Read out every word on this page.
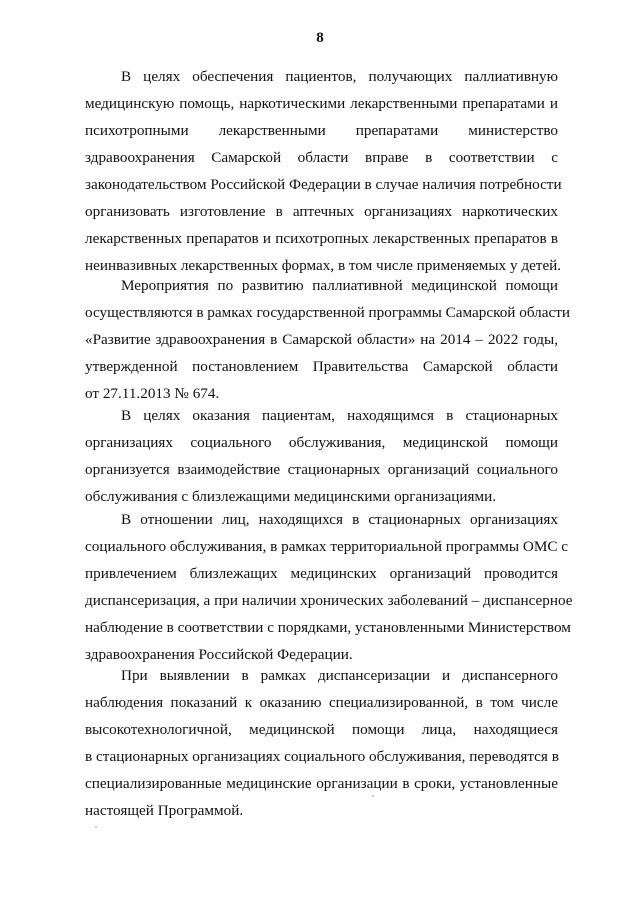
8
В целях обеспечения пациентов, получающих паллиативную
медицинскую помощь, наркотическими лекарственными препаратами и
психотропными лекарственными препаратами министерство
здравоохранения Самарской области вправе в соответствии с
законодательством Российской Федерации в случае наличия потребности
организовать изготовление в аптечных организациях наркотических
лекарственных препаратов и психотропных лекарственных препаратов в
неинвазивных лекарственных формах, в том числе применяемых у детей.
Мероприятия по развитию паллиативной медицинской помощи
осуществляются в рамках государственной программы Самарской области
«Развитие здравоохранения в Самарской области» на 2014 – 2022 годы,
утвержденной постановлением Правительства Самарской области
от 27.11.2013 № 674.
В целях оказания пациентам, находящимся в стационарных
организациях социального обслуживания, медицинской помощи
организуется взаимодействие стационарных организаций социального
обслуживания с близлежащими медицинскими организациями.
В отношении лиц, находящихся в стационарных организациях
социального обслуживания, в рамках территориальной программы ОМС с
привлечением близлежащих медицинских организаций проводится
диспансеризация, а при наличии хронических заболеваний – диспансерное
наблюдение в соответствии с порядками, установленными Министерством
здравоохранения Российской Федерации.
При выявлении в рамках диспансеризации и диспансерного
наблюдения показаний к оказанию специализированной, в том числе
высокотехнологичной, медицинской помощи лица, находящиеся
в стационарных организациях социального обслуживания, переводятся в
специализированные медицинские организации в сроки, установленные
настоящей Программой.
